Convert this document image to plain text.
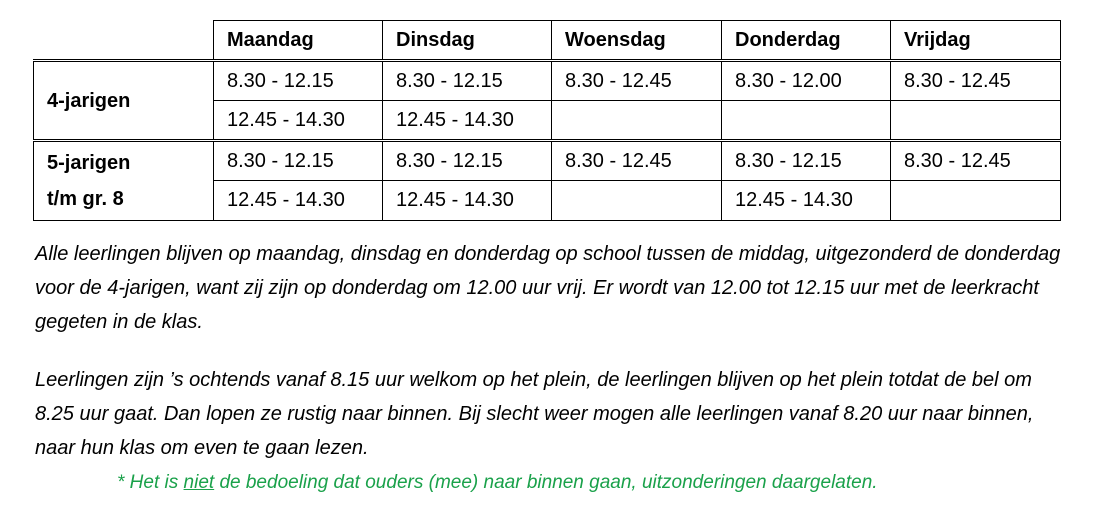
	Maandag	Dinsdag	Woensdag	Donderdag	Vrijdag
4-jarigen	8.30 - 12.15	8.30 - 12.15	8.30 - 12.45	8.30 - 12.00	8.30 - 12.45
	12.45 - 14.30	12.45 - 14.30			
5-jarigen
t/m gr. 8	8.30 - 12.15	8.30 - 12.15	8.30 - 12.45	8.30 - 12.15	8.30 - 12.45
	12.45 - 14.30	12.45 - 14.30		12.45 - 14.30	

Alle leerlingen blijven op maandag, dinsdag en donderdag op school tussen de middag, uitgezonderd de donderdag voor de 4-jarigen, want zij zijn op donderdag om 12.00 uur vrij. Er wordt van 12.00 tot 12.15 uur met de leerkracht gegeten in de klas.

Leerlingen zijn ’s ochtends vanaf 8.15 uur welkom op het plein, de leerlingen blijven op het plein totdat de bel om 8.25 uur gaat. Dan lopen ze rustig naar binnen. Bij slecht weer mogen alle leerlingen vanaf 8.20 uur naar binnen, naar hun klas om even te gaan lezen.

* Het is niet de bedoeling dat ouders (mee) naar binnen gaan, uitzonderingen daargelaten.
